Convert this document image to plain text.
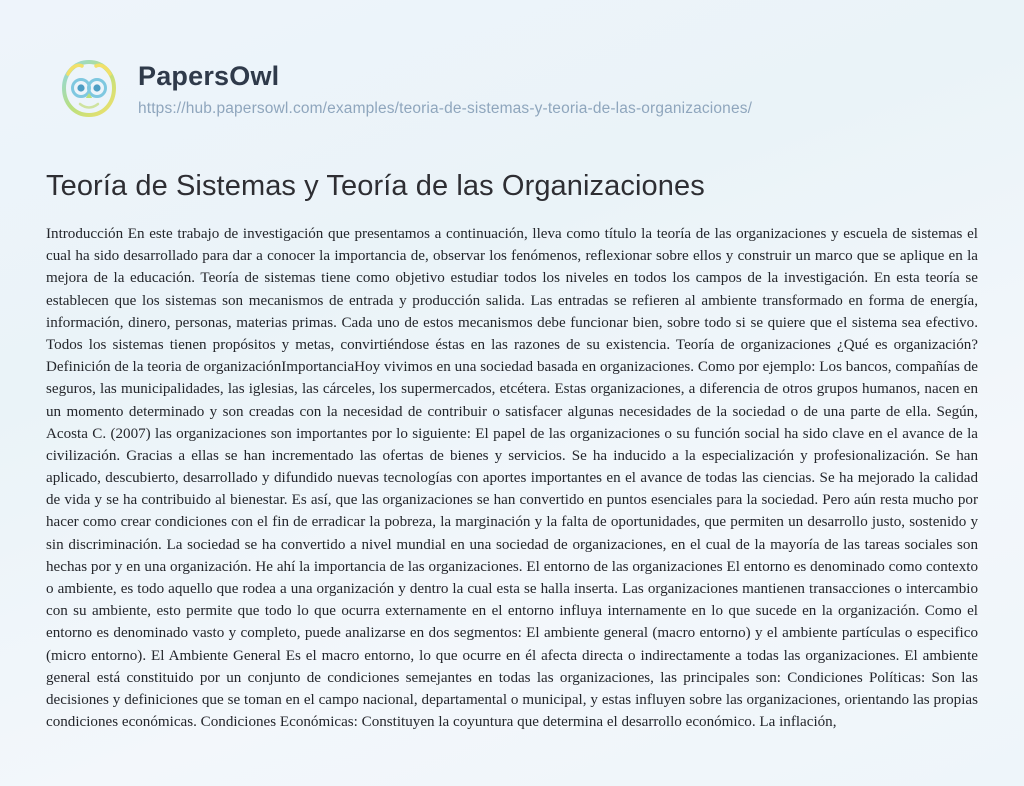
PapersOwl
https://hub.papersowl.com/examples/teoria-de-sistemas-y-teoria-de-las-organizaciones/
Teoría de Sistemas y Teoría de las Organizaciones
Introducción En este trabajo de investigación que presentamos a continuación, lleva como título la teoría de las organizaciones y escuela de sistemas el cual ha sido desarrollado para dar a conocer la importancia de, observar los fenómenos, reflexionar sobre ellos y construir un marco que se aplique en la mejora de la educación. Teoría de sistemas tiene como objetivo estudiar todos los niveles en todos los campos de la investigación. En esta teoría se establecen que los sistemas son mecanismos de entrada y producción salida. Las entradas se refieren al ambiente transformado en forma de energía, información, dinero, personas, materias primas. Cada uno de estos mecanismos debe funcionar bien, sobre todo si se quiere que el sistema sea efectivo. Todos los sistemas tienen propósitos y metas, convirtiéndose éstas en las razones de su existencia. Teoría de organizaciones ¿Qué es organización?Definición de la teoria de organizaciónImportanciaHoy vivimos en una sociedad basada en organizaciones. Como por ejemplo: Los bancos, compañías de seguros, las municipalidades, las iglesias, las cárceles, los supermercados, etcétera. Estas organizaciones, a diferencia de otros grupos humanos, nacen en un momento determinado y son creadas con la necesidad de contribuir o satisfacer algunas necesidades de la sociedad o de una parte de ella. Según, Acosta C. (2007) las organizaciones son importantes por lo siguiente: El papel de las organizaciones o su función social ha sido clave en el avance de la civilización. Gracias a ellas se han incrementado las ofertas de bienes y servicios. Se ha inducido a la especialización y profesionalización. Se han aplicado, descubierto, desarrollado y difundido nuevas tecnologías con aportes importantes en el avance de todas las ciencias. Se ha mejorado la calidad de vida y se ha contribuido al bienestar. Es así, que las organizaciones se han convertido en puntos esenciales para la sociedad. Pero aún resta mucho por hacer como crear condiciones con el fin de erradicar la pobreza, la marginación y la falta de oportunidades, que permiten un desarrollo justo, sostenido y sin discriminación. La sociedad se ha convertido a nivel mundial en una sociedad de organizaciones, en el cual de la mayoría de las tareas sociales son hechas por y en una organización. He ahí la importancia de las organizaciones. El entorno de las organizaciones El entorno es denominado como contexto o ambiente, es todo aquello que rodea a una organización y dentro la cual esta se halla inserta. Las organizaciones mantienen transacciones o intercambio con su ambiente, esto permite que todo lo que ocurra externamente en el entorno influya internamente en lo que sucede en la organización. Como el entorno es denominado vasto y completo, puede analizarse en dos segmentos: El ambiente general (macro entorno) y el ambiente partículas o especifico (micro entorno). El Ambiente General Es el macro entorno, lo que ocurre en él afecta directa o indirectamente a todas las organizaciones. El ambiente general está constituido por un conjunto de condiciones semejantes en todas las organizaciones, las principales son: Condiciones Políticas: Son las decisiones y definiciones que se toman en el campo nacional, departamental o municipal, y estas influyen sobre las organizaciones, orientando las propias condiciones económicas. Condiciones Económicas: Constituyen la coyuntura que determina el desarrollo económico. La inflación,
